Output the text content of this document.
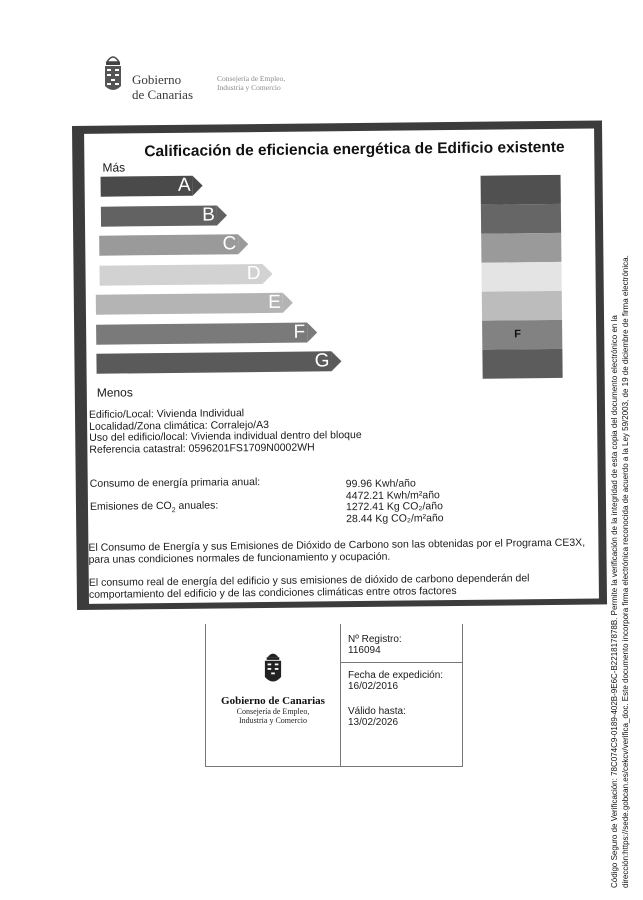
Gobierno
de Canarias
Consejería de Empleo,
Industria y Comercio
Calificación de eficiencia energética de Edificio existente
Más
A
B
C
D
E
F
G
Menos
F
Edificio/Local: Vivienda Individual
Localidad/Zona climática: Corralejo/A3
Uso del edificio/local: Vivienda individual dentro del bloque
Referencia catastral: 0596201FS1709N0002WH
Consumo de energía primaria anual:	99.96 Kwh/año
4472.21 Kwh/m²año
Emisiones de $CO_2$ anuales:	1272.41 Kg CO₂/año
28.44 Kg CO₂/m²año
El Consumo de Energía y sus Emisiones de Dióxido de Carbono son las obtenidas por el Programa CE3X,
para unas condiciones normales de funcionamiento y ocupación.
El consumo real de energía del edificio y sus emisiones de dióxido de carbono dependerán del
comportamiento del edificio y de las condiciones climáticas entre otros factores
Gobierno de Canarias
Consejería de Empleo,
Industria y Comercio
Nº Registro:
116094
Fecha de expedición:
16/02/2016
Válido hasta:
13/02/2026	Código Seguro de Verificación: 78C074C9-0189-402B-9E6C-B221817878B. Permite la verificación de la integridad de esta copia del documento electrónico en la dirección:https://sede.gobcan.es/cekcv/verifica_doc. Este documento incorpora firma electrónica reconocida de acuerdo a la Ley 59/2003, de 19 de diciembre de firma electrónica.
